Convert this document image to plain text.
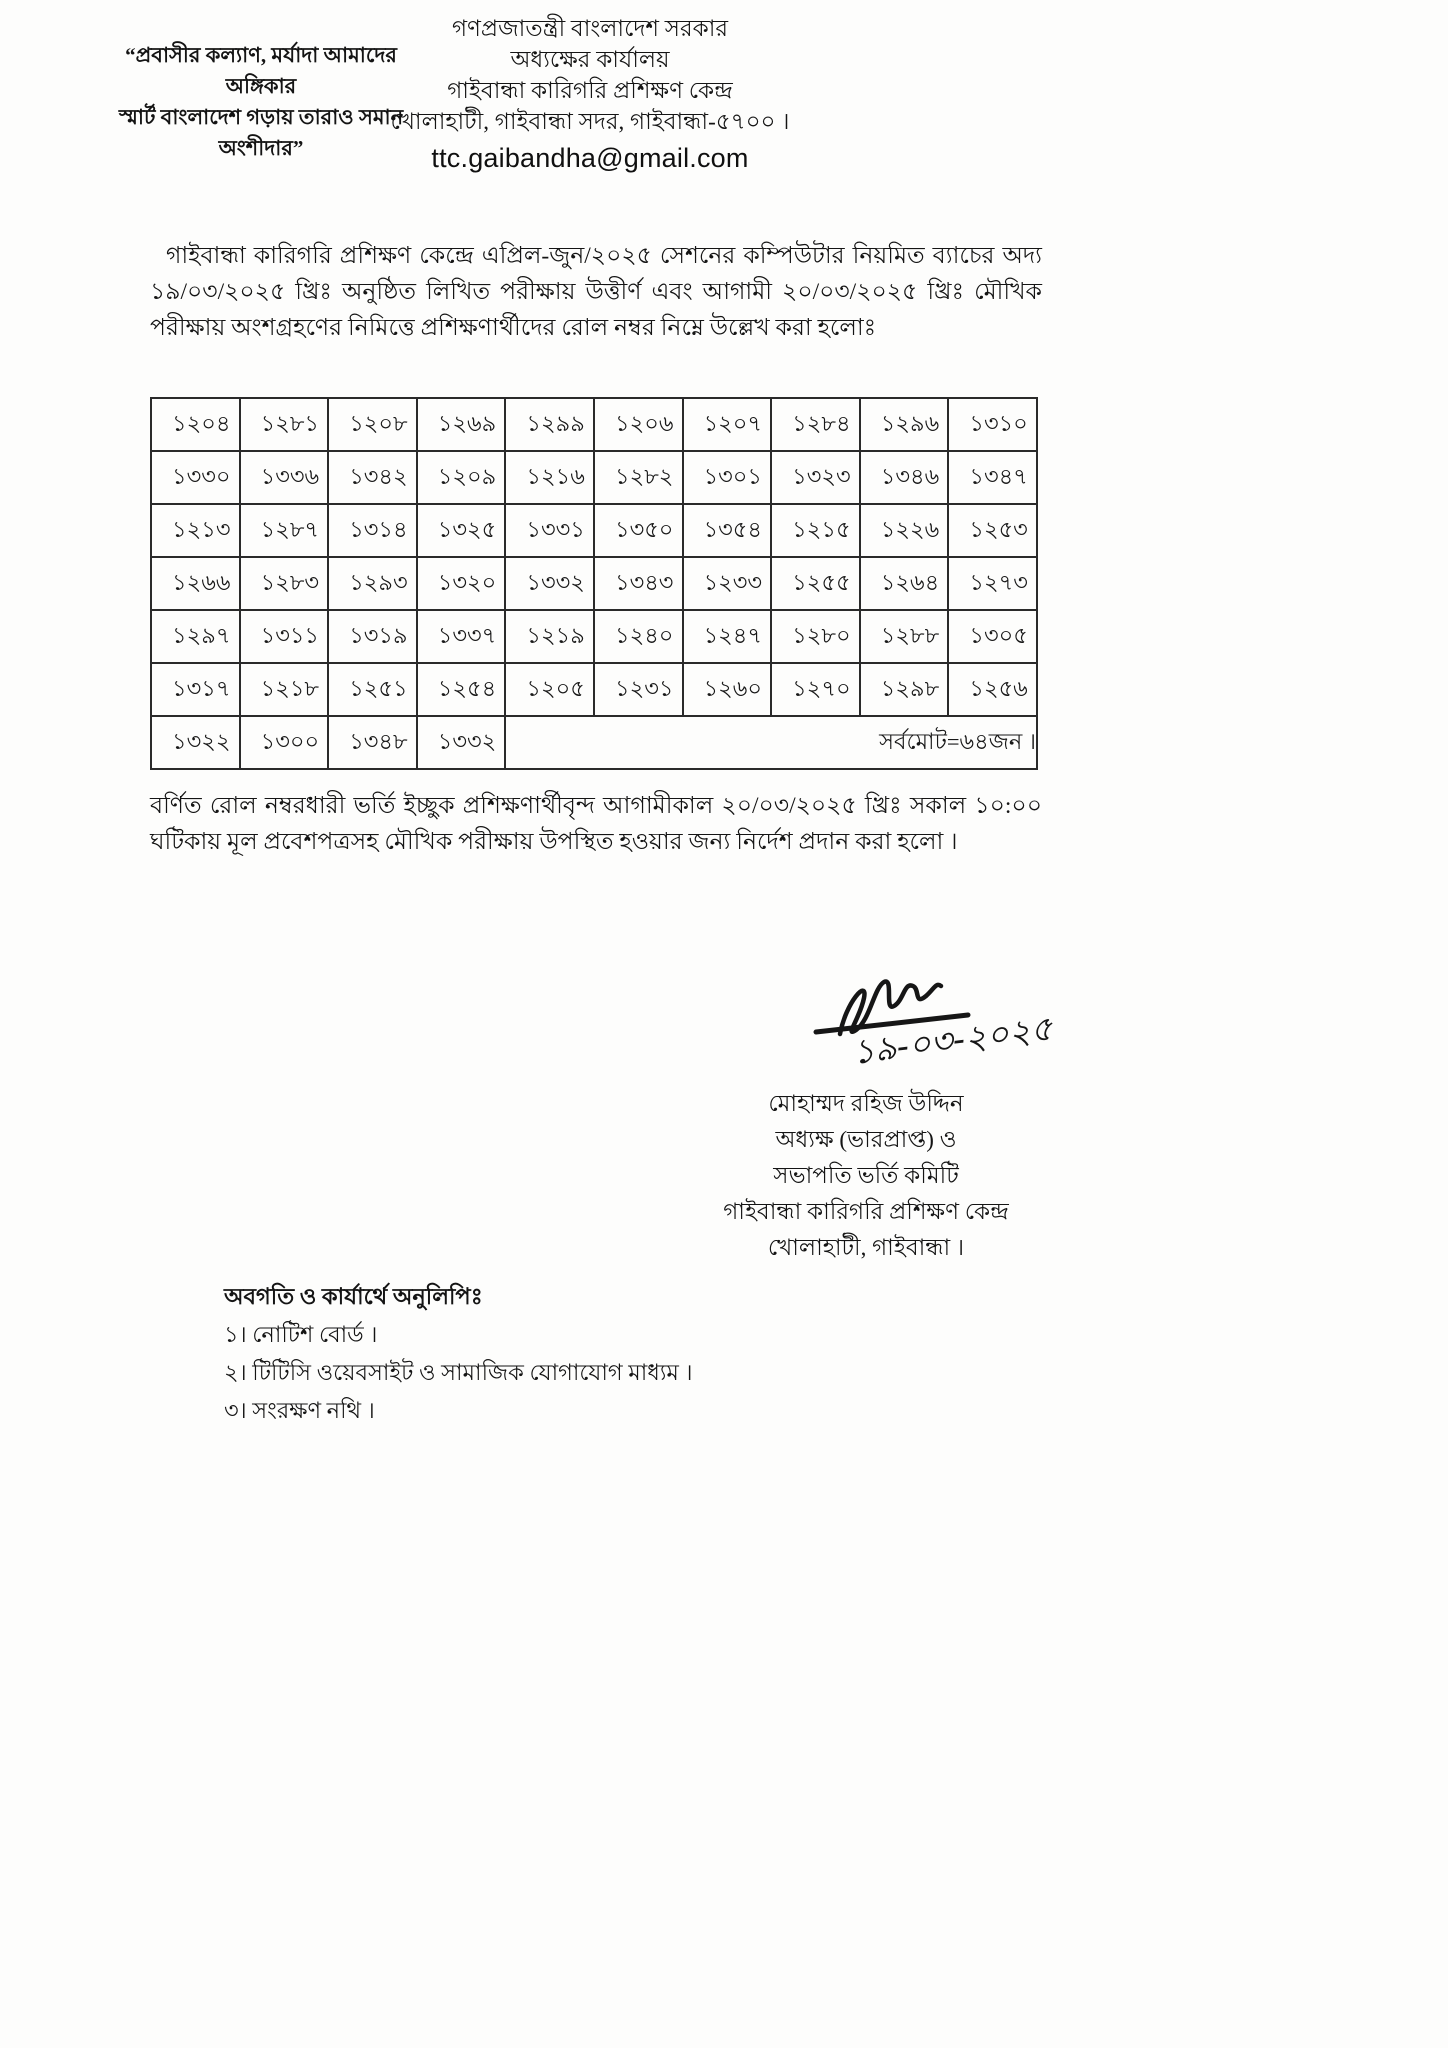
“প্রবাসীর কল্যাণ, মর্যাদা আমাদের অঙ্গিকার
স্মার্ট বাংলাদেশ গড়ায় তারাও সমান অংশীদার”
গণপ্রজাতন্ত্রী বাংলাদেশ সরকার
অধ্যক্ষের কার্যালয়
গাইবান্ধা কারিগরি প্রশিক্ষণ কেন্দ্র
খোলাহাটী, গাইবান্ধা সদর, গাইবান্ধা-৫৭০০ ।
ttc.gaibandha@gmail.com
গাইবান্ধা কারিগরি প্রশিক্ষণ কেন্দ্রে এপ্রিল-জুন/২০২৫ সেশনের কম্পিউটার নিয়মিত ব্যাচের অদ্য ১৯/০৩/২০২৫ খ্রিঃ অনুষ্ঠিত লিখিত পরীক্ষায় উত্তীর্ণ এবং আগামী ২০/০৩/২০২৫ খ্রিঃ মৌখিক পরীক্ষায় অংশগ্রহণের নিমিত্তে প্রশিক্ষণার্থীদের রোল নম্বর নিম্নে উল্লেখ করা হলোঃ
১২০৪	১২৮১	১২০৮	১২৬৯	১২৯৯	১২০৬	১২০৭	১২৮৪	১২৯৬	১৩১০
১৩৩০	১৩৩৬	১৩৪২	১২০৯	১২১৬	১২৮২	১৩০১	১৩২৩	১৩৪৬	১৩৪৭
১২১৩	১২৮৭	১৩১৪	১৩২৫	১৩৩১	১৩৫০	১৩৫৪	১২১৫	১২২৬	১২৫৩
১২৬৬	১২৮৩	১২৯৩	১৩২০	১৩৩২	১৩৪৩	১২৩৩	১২৫৫	১২৬৪	১২৭৩
১২৯৭	১৩১১	১৩১৯	১৩৩৭	১২১৯	১২৪০	১২৪৭	১২৮০	১২৮৮	১৩০৫
১৩১৭	১২১৮	১২৫১	১২৫৪	১২০৫	১২৩১	১২৬০	১২৭০	১২৯৮	১২৫৬
১৩২২	১৩০০	১৩৪৮	১৩৩২	সর্বমোট=৬৪জন ।					
বর্ণিত রোল নম্বরধারী ভর্তি ইচ্ছুক প্রশিক্ষণার্থীবৃন্দ আগামীকাল ২০/০৩/২০২৫ খ্রিঃ সকাল ১০:০০ ঘটিকায় মূল প্রবেশপত্রসহ মৌখিক পরীক্ষায় উপস্থিত হওয়ার জন্য নির্দেশ প্রদান করা হলো ।
১৯-০৩-২০২৫
মোহাম্মদ রহিজ উদ্দিন
অধ্যক্ষ (ভারপ্রাপ্ত) ও
সভাপতি ভর্তি কমিটি
গাইবান্ধা কারিগরি প্রশিক্ষণ কেন্দ্র
খোলাহাটী, গাইবান্ধা ।
অবগতি ও কার্যার্থে অনুলিপিঃ
১। নোটিশ বোর্ড ।
২। টিটিসি ওয়েবসাইট ও সামাজিক যোগাযোগ মাধ্যম ।
৩। সংরক্ষণ নথি ।
